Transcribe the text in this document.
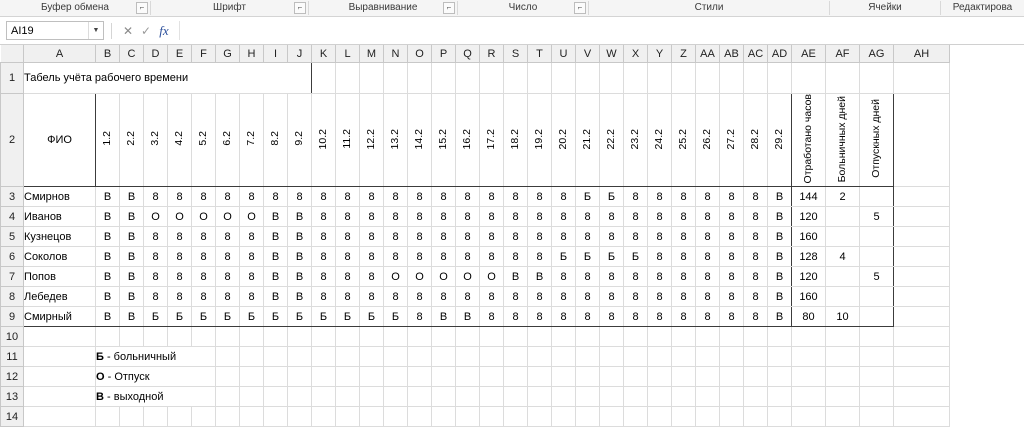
Буфер обмена	⌐	Шрифт	⌐	Выравнивание	⌐	Число	⌐	Стили	Ячейки	Редактирова
AI19	▼	✕ ✓ fx
	A	B	C	D	E	F	G	H	I	J	K	L	M	N	O	P	Q	R	S	T	U	V	W	X	Y	Z	AA	AB	AC	AD	AE	AF	AG	AH
1	Табель учёта рабочего времени																																	
2	ФИО	1.2	2.2	3.2	4.2	5.2	6.2	7.2	8.2	9.2	10.2	11.2	12.2	13.2	14.2	15.2	16.2	17.2	18.2	19.2	20.2	21.2	22.2	23.2	24.2	25.2	26.2	27.2	28.2	29.2	Отработано часов	Больничных дней	Отпускных дней	
3	Смирнов	В	В	8	8	8	8	8	8	8	8	8	8	8	8	8	8	8	8	8	8	Б	Б	8	8	8	8	8	8	В	144	2		
4	Иванов	В	В	О	О	О	О	О	В	В	8	8	8	8	8	8	8	8	8	8	8	8	8	8	8	8	8	8	8	В	120		5	
5	Кузнецов	В	В	8	8	8	8	8	В	В	8	8	8	8	8	8	8	8	8	8	8	8	8	8	8	8	8	8	8	В	160			
6	Соколов	В	В	8	8	8	8	8	В	В	8	8	8	8	8	8	8	8	8	8	Б	Б	Б	Б	8	8	8	8	8	В	128	4		
7	Попов	В	В	8	8	8	8	8	В	В	8	8	8	О	О	О	О	О	В	В	8	8	8	8	8	8	8	8	8	В	120		5	
8	Лебедев	В	В	8	8	8	8	8	В	В	8	8	8	8	8	8	8	8	8	8	8	8	8	8	8	8	8	8	8	В	160			
9	Смирный	В	В	Б	Б	Б	Б	Б	Б	Б	Б	Б	Б	Б	8	В	В	8	8	8	8	8	8	8	8	8	8	8	8	В	80	10		
10																																		
11		Б - больничный																																
12		О - Отпуск																																
13		В - выходной																																
14																																		
